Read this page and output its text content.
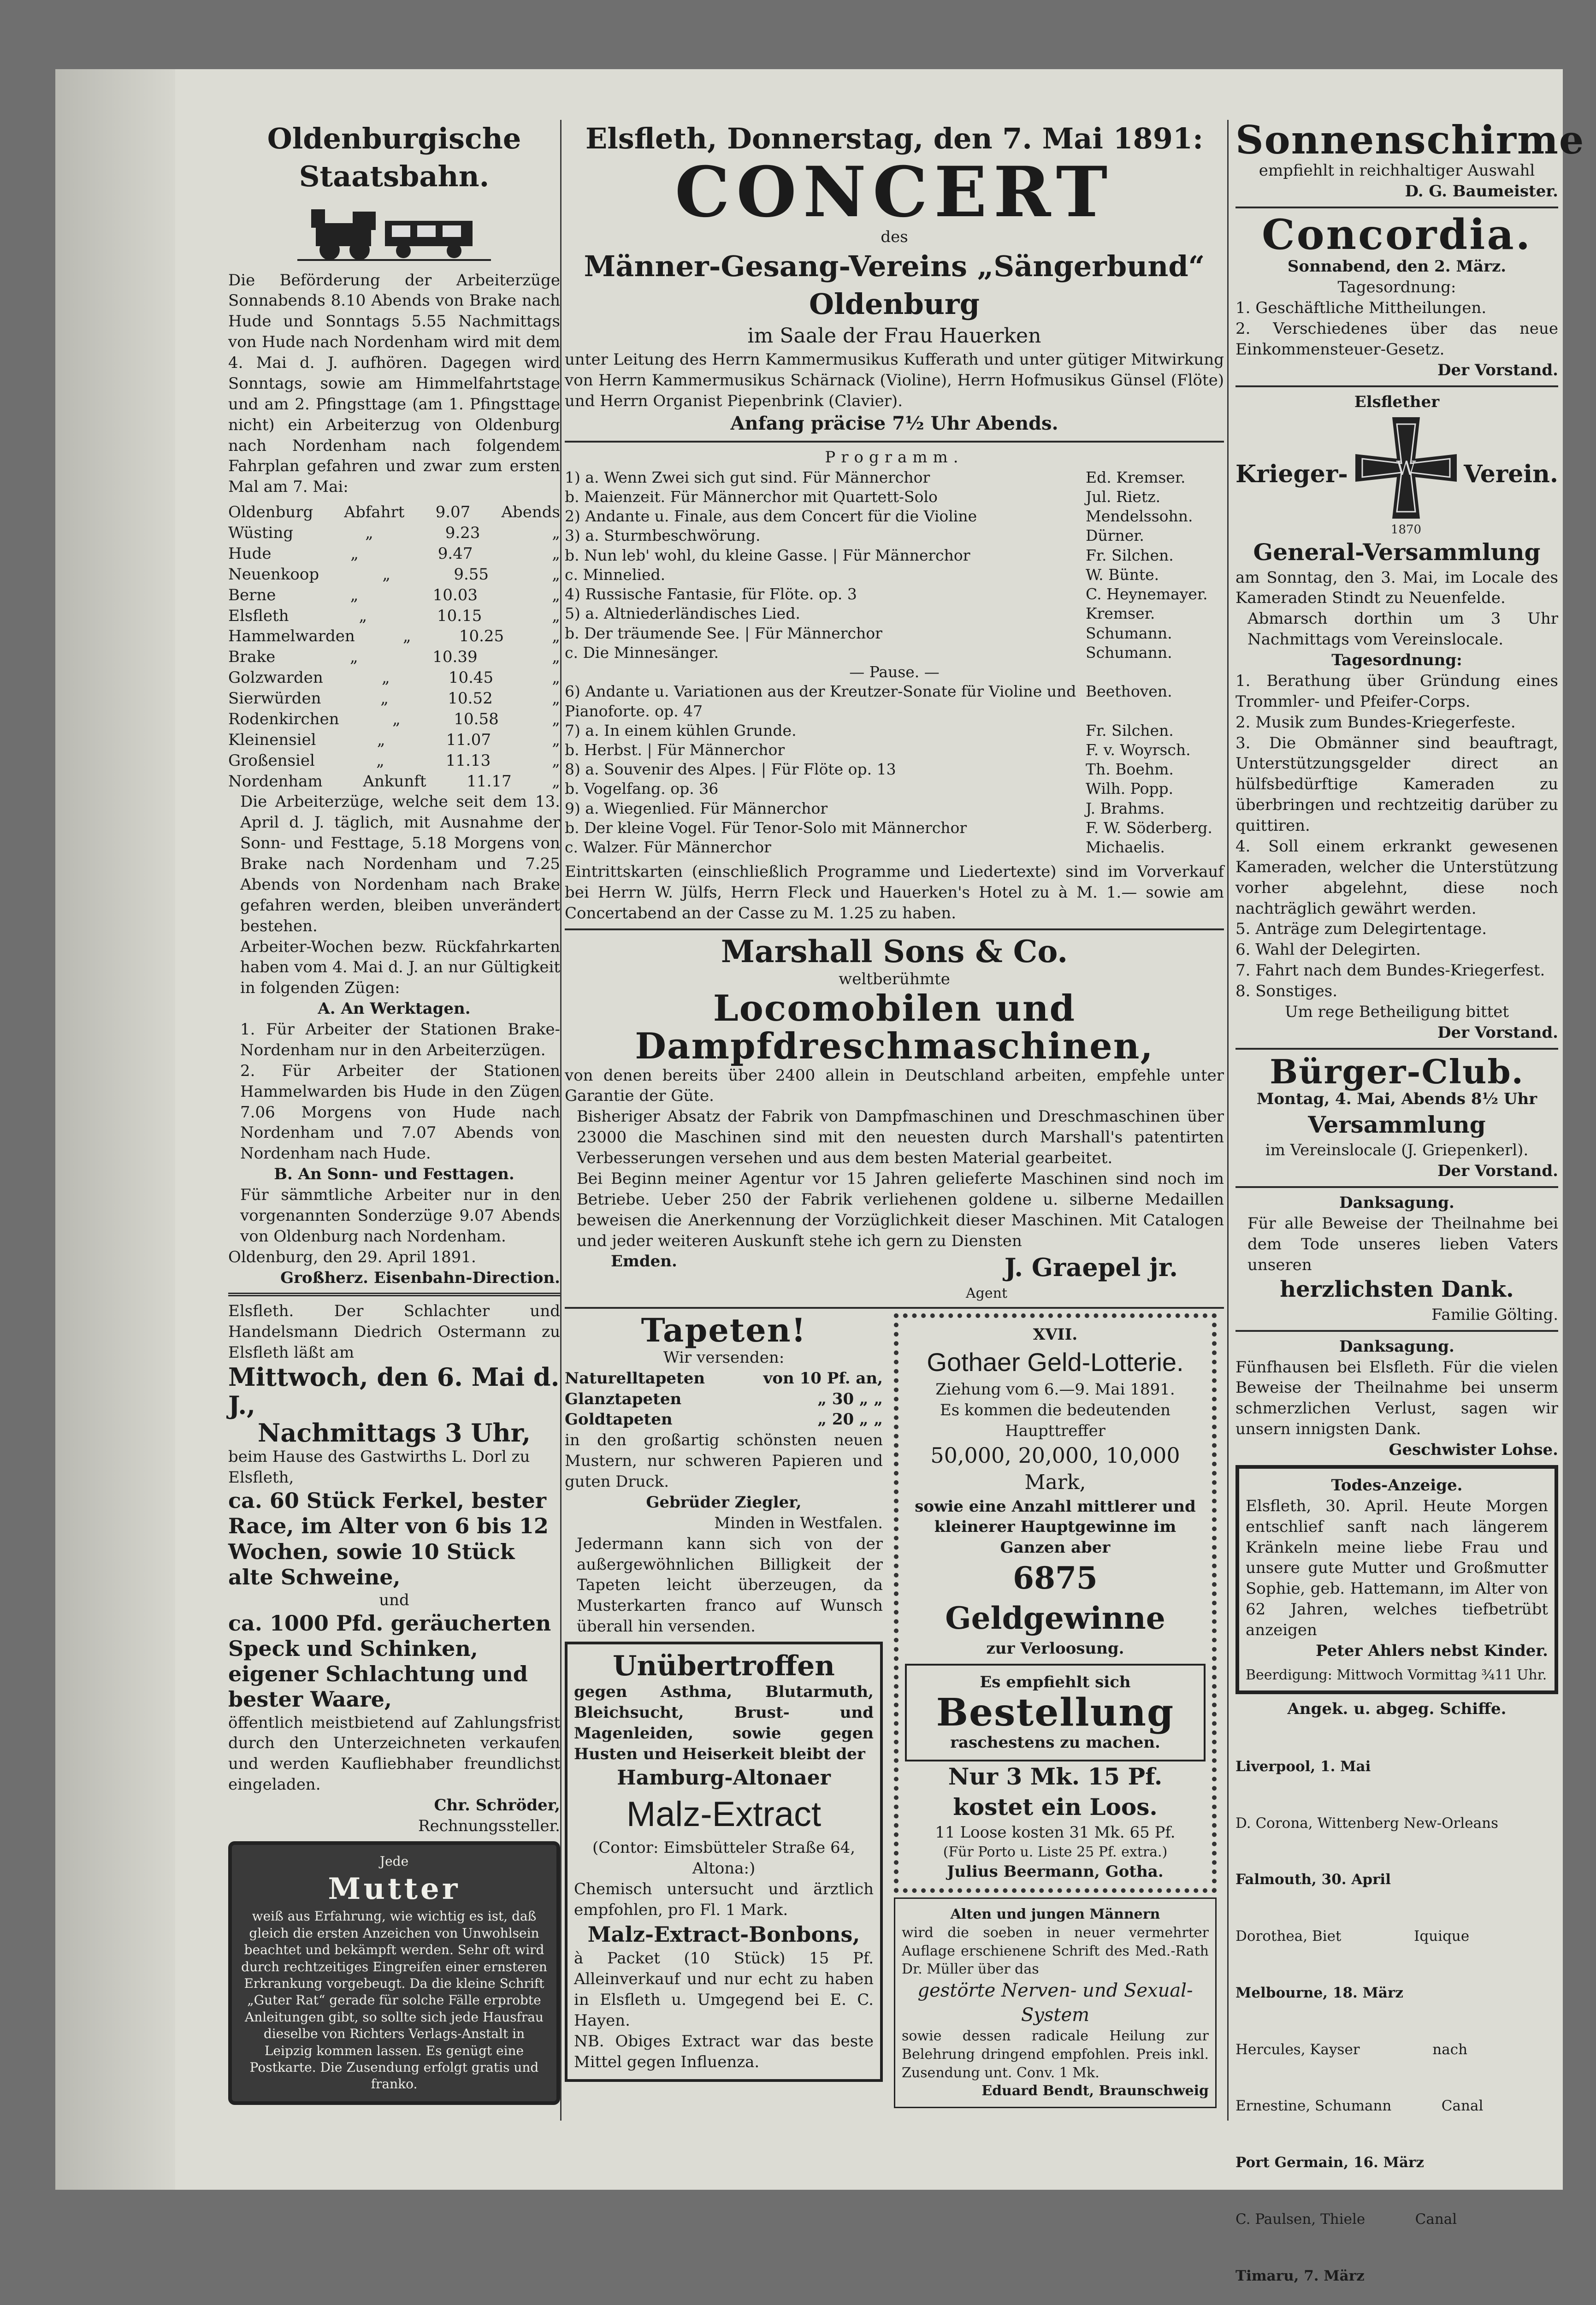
Oldenburgische Staatsbahn.
Die Beförderung der Arbeiterzüge Sonnabends 8.10 Abends von Brake nach Hude und Sonntags 5.55 Nachmittags von Hude nach Nordenham wird mit dem 4. Mai d. J. aufhören. Dagegen wird Sonntags, sowie am Himmelfahrtstage und am 2. Pfingsttage (am 1. Pfingsttage nicht) ein Arbeiterzug von Oldenburg nach Nordenham nach folgendem Fahrplan gefahren und zwar zum ersten Mal am 7. Mai:
Oldenburg Abfahrt 9.07 Abends
Wüsting	„	9.23	„
Hude	„	9.47	„
Neuenkoop	„	9.55	„
Berne	„	10.03	„
Elsfleth	„	10.15	„
Hammelwarden	„	10.25	„
Brake	„	10.39	„
Golzwarden	„	10.45	„
Sierwürden	„	10.52	„
Rodenkirchen	„	10.58	„
Kleinensiel	„	11.07	„
Großensiel	„	11.13	„
Nordenham	Ankunft	11.17	„
Die Arbeiterzüge, welche seit dem 13. April d. J. täglich, mit Ausnahme der Sonn- und Festtage, 5.18 Morgens von Brake nach Nordenham und 7.25 Abends von Nordenham nach Brake gefahren werden, bleiben unverändert bestehen.
Arbeiter-Wochen bezw. Rückfahrkarten haben vom 4. Mai d. J. an nur Gültigkeit in folgenden Zügen:
A. An Werktagen.
1. Für Arbeiter der Stationen Brake-Nordenham nur in den Arbeiterzügen.
2. Für Arbeiter der Stationen Hammelwarden bis Hude in den Zügen 7.06 Morgens von Hude nach Nordenham und 7.07 Abends von Nordenham nach Hude.
B. An Sonn- und Festtagen.
Für sämmtliche Arbeiter nur in den vorgenannten Sonderzüge 9.07 Abends von Oldenburg nach Nordenham.
Oldenburg, den 29. April 1891.
Großherz. Eisenbahn-Direction.
Elsfleth. Der Schlachter und Handelsmann Diedrich Ostermann zu Elsfleth läßt am
Mittwoch, den 6. Mai d. J.,
Nachmittags 3 Uhr,
beim Hause des Gastwirths L. Dorl zu Elsfleth,
ca. 60 Stück Ferkel, bester Race, im Alter von 6 bis 12 Wochen, sowie 10 Stück alte Schweine,
und
ca. 1000 Pfd. geräucherten Speck und Schinken, eigener Schlachtung und bester Waare,
öffentlich meistbietend auf Zahlungsfrist durch den Unterzeichneten verkaufen und werden Kaufliebhaber freundlichst eingeladen.
Chr. Schröder,
Rechnungssteller.
Jede
Mutter
weiß aus Erfahrung, wie wichtig es ist, daß gleich die ersten Anzeichen von Unwohlsein beachtet und bekämpft werden. Sehr oft wird durch rechtzeitiges Eingreifen einer ernsteren Erkrankung vorgebeugt. Da die kleine Schrift „Guter Rat“ gerade für solche Fälle erprobte Anleitungen gibt, so sollte sich jede Hausfrau dieselbe von Richters Verlags-Anstalt in Leipzig kommen lassen. Es genügt eine Postkarte. Die Zusendung erfolgt gratis und franko.
Elsfleth, Donnerstag, den 7. Mai 1891:
CONCERT
des
Männer-Gesang-Vereins „Sängerbund“ Oldenburg
im Saale der Frau Hauerken
unter Leitung des Herrn Kammermusikus Kufferath und unter gütiger Mitwirkung von Herrn Kammermusikus Schärnack (Violine), Herrn Hofmusikus Günsel (Flöte) und Herrn Organist Piepenbrink (Clavier).
Anfang präcise 7½ Uhr Abends.
Programm.
1) a. Wenn Zwei sich gut sind. Für Männerchor	Ed. Kremser.
b. Maienzeit. Für Männerchor mit Quartett-Solo	Jul. Rietz.
2) Andante u. Finale, aus dem Concert für die Violine	Mendelssohn.
3) a. Sturmbeschwörung.	Dürner.
b. Nun leb' wohl, du kleine Gasse. | Für Männerchor	Fr. Silchen.
c. Minnelied.	W. Bünte.
4) Russische Fantasie, für Flöte. op. 3	C. Heynemayer.
5) a. Altniederländisches Lied.	Kremser.
b. Der träumende See. | Für Männerchor	Schumann.
c. Die Minnesänger.	Schumann.
— Pause. —
6) Andante u. Variationen aus der Kreutzer-Sonate für Violine und Pianoforte. op. 47
Beethoven.
7) a. In einem kühlen Grunde.	Fr. Silchen.
b. Herbst. | Für Männerchor	F. v. Woyrsch.
8) a. Souvenir des Alpes. | Für Flöte op. 13	Th. Boehm.
b. Vogelfang. op. 36	Wilh. Popp.
9) a. Wiegenlied. Für Männerchor	J. Brahms.
b. Der kleine Vogel. Für Tenor-Solo mit Männerchor	F. W. Söderberg.
c. Walzer. Für Männerchor	Michaelis.
Eintrittskarten (einschließlich Programme und Liedertexte) sind im Vorverkauf bei Herrn W. Jülfs, Herrn Fleck und Hauerken's Hotel zu à M. 1.— sowie am Concertabend an der Casse zu M. 1.25 zu haben.
Marshall Sons & Co.
weltberühmte
Locomobilen und Dampfdreschmaschinen,
von denen bereits über 2400 allein in Deutschland arbeiten, empfehle unter Garantie der Güte.
Bisheriger Absatz der Fabrik von Dampfmaschinen und Dreschmaschinen über 23000 die Maschinen sind mit den neuesten durch Marshall's patentirten Verbesserungen versehen und aus dem besten Material gearbeitet.
Bei Beginn meiner Agentur vor 15 Jahren gelieferte Maschinen sind noch im Betriebe. Ueber 250 der Fabrik verliehenen goldene u. silberne Medaillen beweisen die Anerkennung der Vorzüglichkeit dieser Maschinen. Mit Catalogen und jeder weiteren Auskunft stehe ich gern zu Diensten
Emden.	J. Graepel jr.
Agent
Tapeten!
Wir versenden:
Naturelltapeten	von 10 Pf. an,
Glanztapeten	„ 30 „ „
Goldtapeten	„ 20 „ „
in den großartig schönsten neuen Mustern, nur schweren Papieren und guten Druck.
Gebrüder Ziegler,
Minden in Westfalen.
Jedermann kann sich von der außergewöhnlichen Billigkeit der Tapeten leicht überzeugen, da Musterkarten franco auf Wunsch überall hin versenden.
Unübertroffen
gegen Asthma, Blutarmuth, Bleichsucht, Brust- und Magenleiden, sowie gegen Husten und Heiserkeit bleibt der
Hamburg-Altonaer
Malz-Extract
(Contor: Eimsbütteler Straße 64, Altona:)
Chemisch untersucht und ärztlich empfohlen, pro Fl. 1 Mark.
Malz-Extract-Bonbons,
à Packet (10 Stück) 15 Pf. Alleinverkauf und nur echt zu haben in Elsfleth u. Umgegend bei E. C. Hayen.
NB. Obiges Extract war das beste Mittel gegen Influenza.
XVII.
Gothaer Geld-Lotterie.
Ziehung vom 6.—9. Mai 1891.
Es kommen die bedeutenden Haupttreffer
50,000, 20,000, 10,000
Mark,
sowie eine Anzahl mittlerer und kleinerer Hauptgewinne im Ganzen aber
6875 Geldgewinne
zur Verloosung.
Es empfiehlt sich
Bestellung
raschestens zu machen.
Nur 3 Mk. 15 Pf. kostet ein Loos.
11 Loose kosten 31 Mk. 65 Pf.
(Für Porto u. Liste 25 Pf. extra.)
Julius Beermann, Gotha.
Alten und jungen Männern
wird die soeben in neuer vermehrter Auflage erschienene Schrift des Med.-Rath Dr. Müller über das
gestörte Nerven- und Sexual-System
sowie dessen radicale Heilung zur Belehrung dringend empfohlen. Preis inkl. Zusendung unt. Conv. 1 Mk.
Eduard Bendt, Braunschweig
Sonnenschirme
empfiehlt in reichhaltiger Auswahl
D. G. Baumeister.
Concordia.
Sonnabend, den 2. März.
Tagesordnung:
1. Geschäftliche Mittheilungen.
2. Verschiedenes über das neue Einkommensteuer-Gesetz.
Der Vorstand.
Elsflether
Krieger- W
1870
Verein.
General-Versammlung
am Sonntag, den 3. Mai, im Locale des Kameraden Stindt zu Neuenfelde.
Abmarsch dorthin um 3 Uhr Nachmittags vom Vereinslocale.
Tagesordnung:
1. Berathung über Gründung eines Trommler- und Pfeifer-Corps.
2. Musik zum Bundes-Kriegerfeste.
3. Die Obmänner sind beauftragt, Unterstützungsgelder direct an hülfsbedürftige Kameraden zu überbringen und rechtzeitig darüber zu quittiren.
4. Soll einem erkrankt gewesenen Kameraden, welcher die Unterstützung vorher abgelehnt, diese noch nachträglich gewährt werden.
5. Anträge zum Delegirtentage.
6. Wahl der Delegirten.
7. Fahrt nach dem Bundes-Kriegerfest.
8. Sonstiges.
Um rege Betheiligung bittet
Der Vorstand.
Bürger-Club.
Montag, 4. Mai, Abends 8½ Uhr
Versammlung
im Vereinslocale (J. Griepenkerl).
Der Vorstand.
Danksagung.
Für alle Beweise der Theilnahme bei dem Tode unseres lieben Vaters unseren
herzlichsten Dank.
Familie Gölting.
Danksagung.
Fünfhausen bei Elsfleth. Für die vielen Beweise der Theilnahme bei unserm schmerzlichen Verlust, sagen wir unsern innigsten Dank.
Geschwister Lohse.
Todes-Anzeige.
Elsfleth, 30. April. Heute Morgen entschlief sanft nach längerem Kränkeln meine liebe Frau und unsere gute Mutter und Großmutter Sophie, geb. Hattemann, im Alter von 62 Jahren, welches tiefbetrübt anzeigen
Peter Ahlers nebst Kinder.
Beerdigung: Mittwoch Vormittag ¾11 Uhr.
Angek. u. abgeg. Schiffe.

Liverpool, 1. Mai

D. Corona, Wittenberg New-Orleans

Falmouth, 30. April

Dorothea, Biet                Iquique

Melbourne, 18. März

Hercules, Kayser                nach

Ernestine, Schumann           Canal

Port Germain, 16. März

C. Paulsen, Thiele           Canal

Timaru, 7. März
